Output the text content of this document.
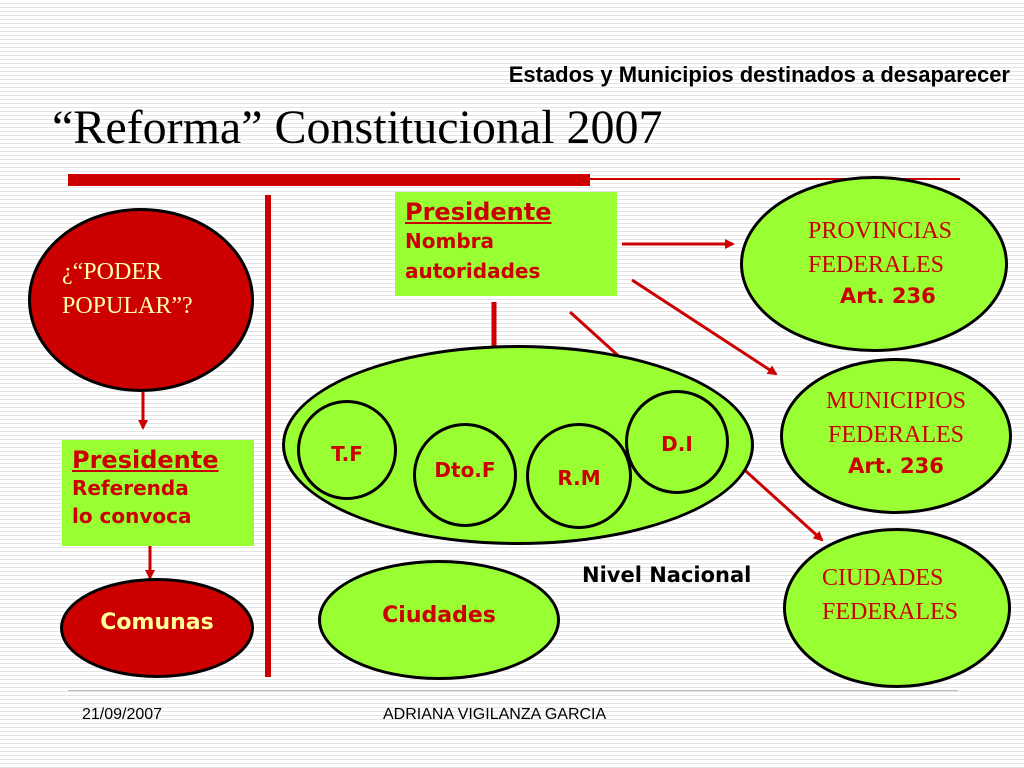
Estados y Municipios destinados a desaparecer
“Reforma” Constitucional 2007
¿“PODER
POPULAR”?
Presidente
Referenda
lo convoca
Comunas
Presidente
Nombra
autoridades
T.F
Dto.F	R.M
D.I
Ciudades
Nivel Nacional
PROVINCIAS
FEDERALES
Art. 236
MUNICIPIOS
FEDERALES
Art. 236
CIUDADES
FEDERALES
21/09/2007	ADRIANA VIGILANZA GARCIA
